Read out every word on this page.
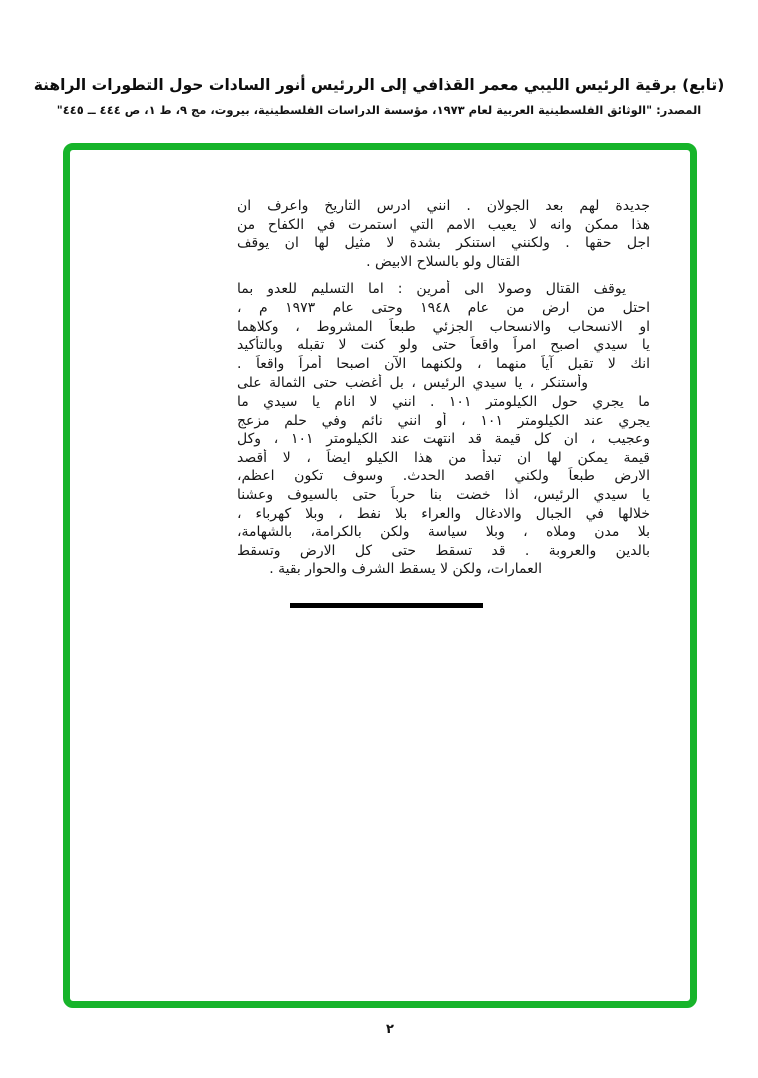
(تابع) برقية الرئيس الليبي معمر القذافي إلى الررئيس أنور السادات حول التطورات الراهنة
المصدر: "الوثائق الفلسطينية العربية لعام ١٩٧٣، مؤسسة الدراسات الفلسطينية، بيروت، مج ٩، ط ١، ص ٤٤٤ ــ ٤٤٥"
جديدة لهم بعد الجولان . انني ادرس التاريخ واعرف ان
هذا ممكن وانه لا يعيب الامم التي استمرت في الكفاح من
اجل حقها . ولكنني استنكر بشدة لا مثيل لها ان يوقف
القتال ولو بالسلاح الابيض .
يوقف القتال وصولا الى أمرين : اما التسليم للعدو بما
احتل من ارض من عام ١٩٤٨ وحتى عام ١٩٧٣ م ،
او الانسحاب والانسحاب الجزئي طبعاً المشروط ، وكلاهما
يا سيدي اصبح امراً واقعاً حتى ولو كنت لا تقبله وبالتأكيد
انك لا تقبل آياً منهما ، ولكنهما الآن اصبحا أمراً واقعاً .
وأستنكر ، يا سيدي الرئيس ، بل أغضب حتى الثمالة على
ما يجري حول الكيلومتر ١٠١ . انني لا انام يا سيدي ما
يجري عند الكيلومتر ١٠١ ، أو انني نائم وفي حلم مزعج
وعجيب ، ان كل قيمة قد انتهت عند الكيلومتر ١٠١ ، وكل
قيمة يمكن لها ان تبدأ من هذا الكيلو ايضاً ، لا أقصد
الارض طبعاً ولكني اقصد الحدث. وسوف تكون اعظم،
يا سيدي الرئيس، اذا خضت بنا حرباً حتى بالسيوف وعشنا
خلالها في الجبال والادغال والعراء بلا نفط ، وبلا كهرباء ،
بلا مدن وملاه ، وبلا سياسة ولكن بالكرامة، بالشهامة،
بالدين والعروبة . قد تسقط حتى كل الارض وتسقط
العمارات، ولكن لا يسقط الشرف والحوار بقية .
٢
